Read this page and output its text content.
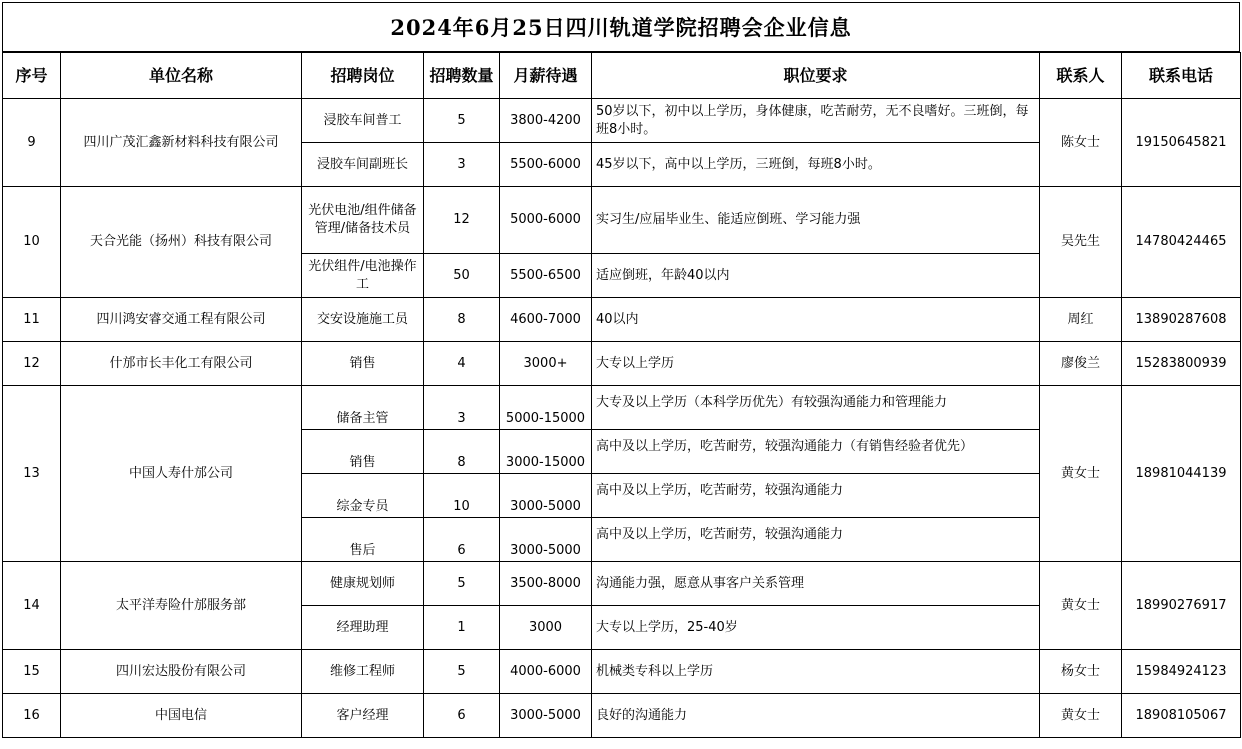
2024年6月25日四川轨道学院招聘会企业信息
序号	单位名称	招聘岗位	招聘数量	月薪待遇	职位要求	联系人	联系电话
9	四川广茂汇鑫新材料科技有限公司	浸胶车间普工	5	3800-4200	50岁以下，初中以上学历，身体健康，吃苦耐劳，无不良嗜好。三班倒，每班8小时。	陈女士	19150645821
		浸胶车间副班长	3	5500-6000	45岁以下，高中以上学历，三班倒，每班8小时。		
10	天合光能（扬州）科技有限公司	光伏电池/组件储备管理/储备技术员	12	5000-6000	实习生/应届毕业生、能适应倒班、学习能力强	吴先生	14780424465
		光伏组件/电池操作工	50	5500-6500	适应倒班，年龄40以内		
11	四川鸿安睿交通工程有限公司	交安设施施工员	8	4600-7000	40以内	周红	13890287608
12	什邡市长丰化工有限公司	销售	4	3000+	大专以上学历	廖俊兰	15283800939
13	中国人寿什邡公司	储备主管	3	5000-15000	大专及以上学历（本科学历优先）有较强沟通能力和管理能力	黄女士	18981044139
		销售	8	3000-15000	高中及以上学历，吃苦耐劳，较强沟通能力（有销售经验者优先）		
		综金专员	10	3000-5000	高中及以上学历，吃苦耐劳，较强沟通能力		
		售后	6	3000-5000	高中及以上学历，吃苦耐劳，较强沟通能力		
14	太平洋寿险什邡服务部	健康规划师	5	3500-8000	沟通能力强，愿意从事客户关系管理	黄女士	18990276917
		经理助理	1	3000	大专以上学历，25-40岁		
15	四川宏达股份有限公司	维修工程师	5	4000-6000	机械类专科以上学历	杨女士	15984924123
16	中国电信	客户经理	6	3000-5000	良好的沟通能力	黄女士	18908105067
